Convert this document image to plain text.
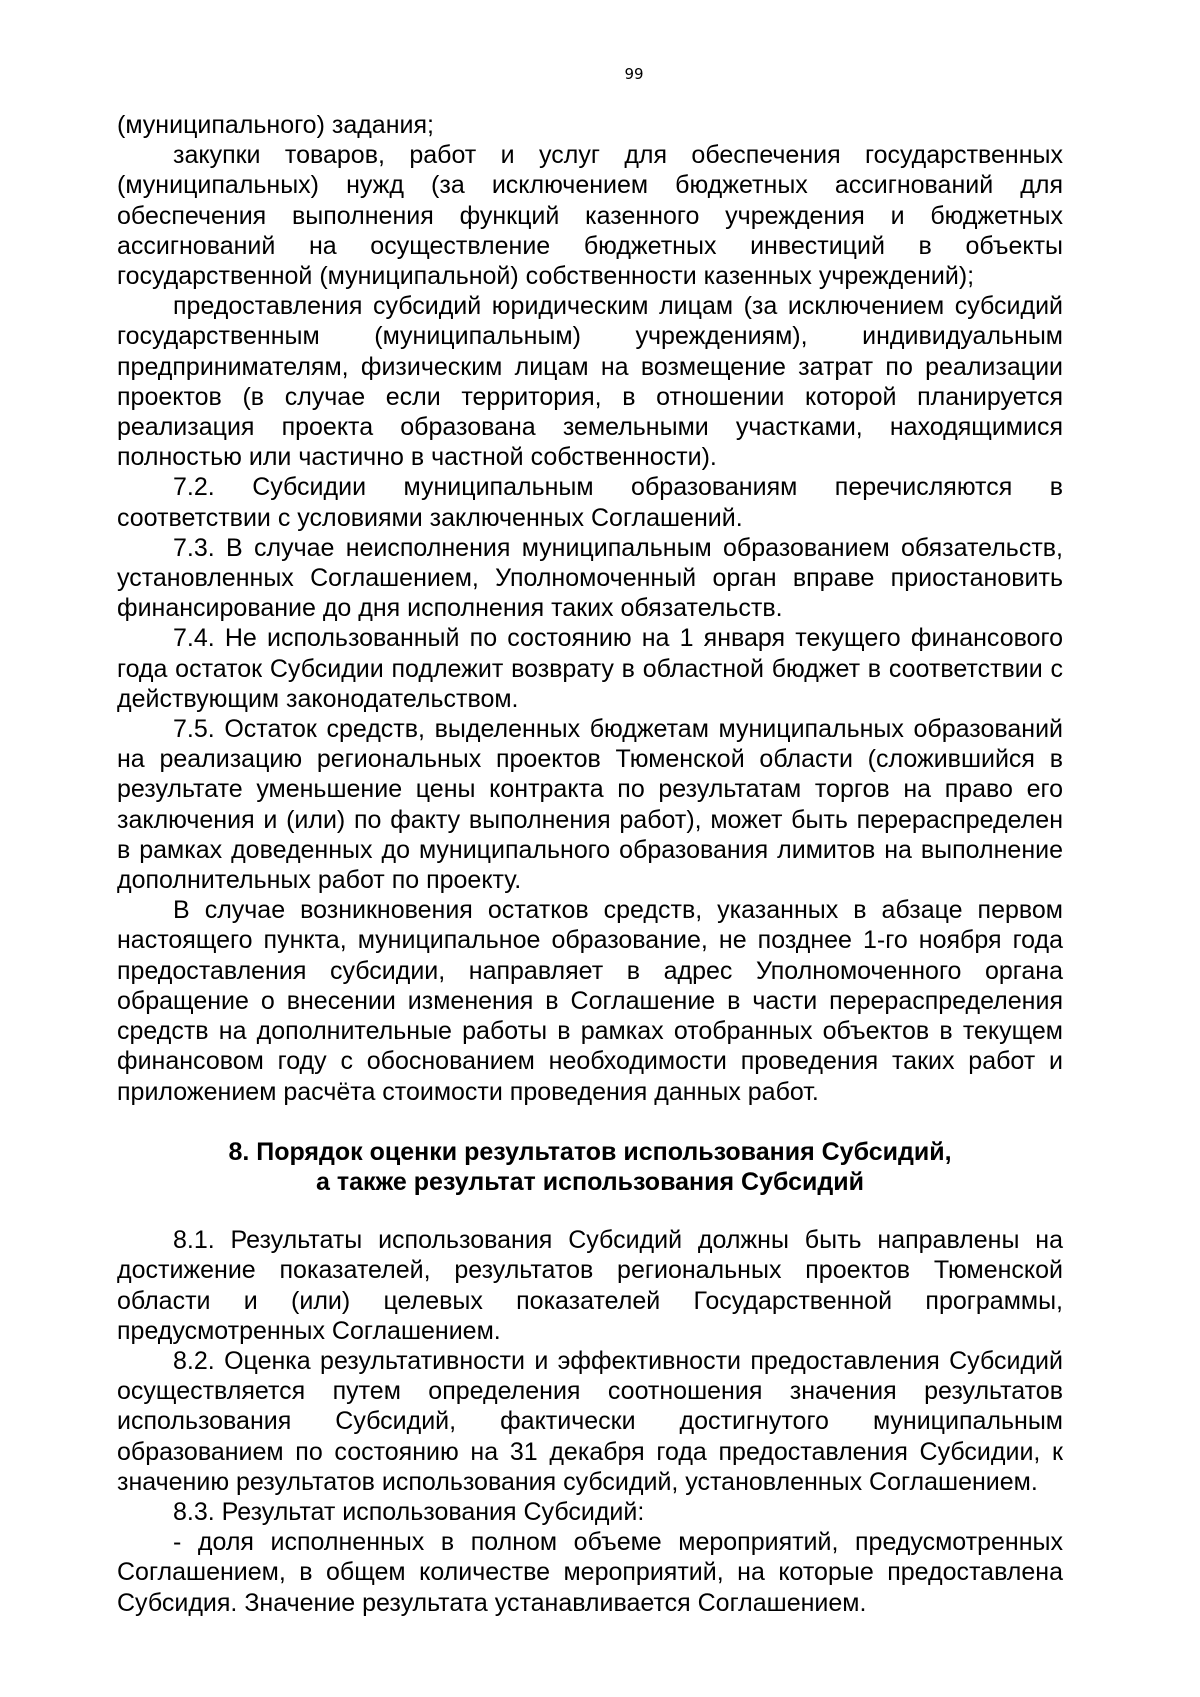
99

(муниципального) задания;

закупки товаров, работ и услуг для обеспечения государственных (муниципальных) нужд (за исключением бюджетных ассигнований для обеспечения выполнения функций казенного учреждения и бюджетных ассигнований на осуществление бюджетных инвестиций в объекты государственной (муниципальной) собственности казенных учреждений);

предоставления субсидий юридическим лицам (за исключением субсидий государственным (муниципальным) учреждениям), индивидуальным предпринимателям, физическим лицам на возмещение затрат по реализации проектов (в случае если территория, в отношении которой планируется реализация проекта образована земельными участками, находящимися полностью или частично в частной собственности).

7.2. Субсидии муниципальным образованиям перечисляются в соответствии с условиями заключенных Соглашений.

7.3. В случае неисполнения муниципальным образованием обязательств, установленных Соглашением, Уполномоченный орган вправе приостановить финансирование до дня исполнения таких обязательств.

7.4. Не использованный по состоянию на 1 января текущего финансового года остаток Субсидии подлежит возврату в областной бюджет в соответствии с действующим законодательством.

7.5. Остаток средств, выделенных бюджетам муниципальных образований на реализацию региональных проектов Тюменской области (сложившийся в результате уменьшение цены контракта по результатам торгов на право его заключения и (или) по факту выполнения работ), может быть перераспределен в рамках доведенных до муниципального образования лимитов на выполнение дополнительных работ по проекту.

В случае возникновения остатков средств, указанных в абзаце первом настоящего пункта, муниципальное образование, не позднее 1-го ноября года предоставления субсидии, направляет в адрес Уполномоченного органа обращение о внесении изменения в Соглашение в части перераспределения средств на дополнительные работы в рамках отобранных объектов в текущем финансовом году с обоснованием необходимости проведения таких работ и приложением расчёта стоимости проведения данных работ.

8. Порядок оценки результатов использования Субсидий,
а также результат использования Субсидий

8.1. Результаты использования Субсидий должны быть направлены на достижение показателей, результатов региональных проектов Тюменской области и (или) целевых показателей Государственной программы, предусмотренных Соглашением.

8.2. Оценка результативности и эффективности предоставления Субсидий осуществляется путем определения соотношения значения результатов использования Субсидий, фактически достигнутого муниципальным образованием по состоянию на 31 декабря года предоставления Субсидии, к значению результатов использования субсидий, установленных Соглашением.

8.3. Результат использования Субсидий:

- доля исполненных в полном объеме мероприятий, предусмотренных Соглашением, в общем количестве мероприятий, на которые предоставлена Субсидия. Значение результата устанавливается Соглашением.
